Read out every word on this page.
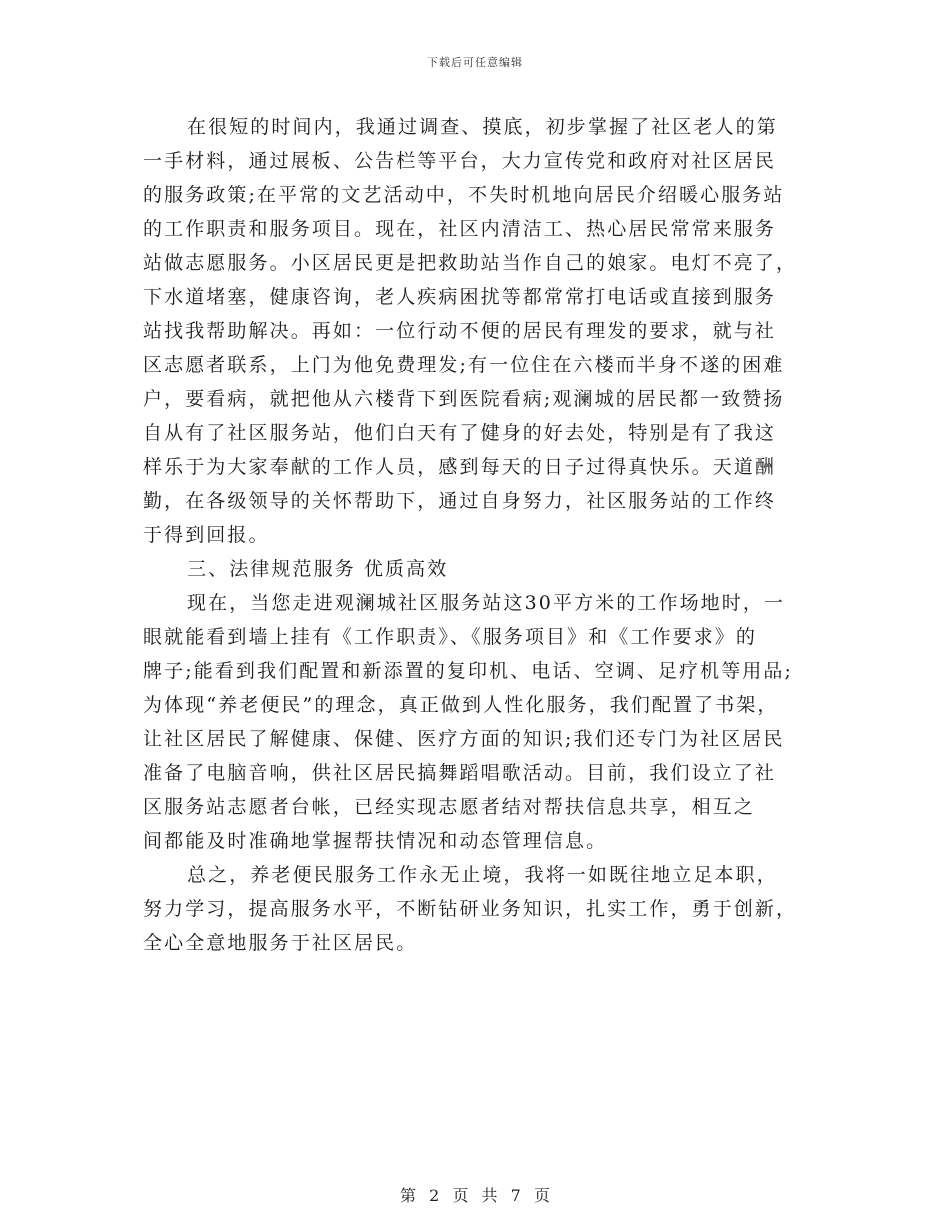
下载后可任意编辑
在很短的时间内，我通过调查、摸底，初步掌握了社区老人的第
一手材料，通过展板、公告栏等平台，大力宣传党和政府对社区居民
的服务政策;在平常的文艺活动中，不失时机地向居民介绍暖心服务站
的工作职责和服务项目。现在，社区内清洁工、热心居民常常来服务
站做志愿服务。小区居民更是把救助站当作自己的娘家。电灯不亮了，
下水道堵塞，健康咨询，老人疾病困扰等都常常打电话或直接到服务
站找我帮助解决。再如：一位行动不便的居民有理发的要求，就与社
区志愿者联系，上门为他免费理发;有一位住在六楼而半身不遂的困难
户，要看病，就把他从六楼背下到医院看病;观澜城的居民都一致赞扬
自从有了社区服务站，他们白天有了健身的好去处，特别是有了我这
样乐于为大家奉献的工作人员，感到每天的日子过得真快乐。天道酬
勤，在各级领导的关怀帮助下，通过自身努力，社区服务站的工作终
于得到回报。
三、法律规范服务 优质高效
现在，当您走进观澜城社区服务站这30平方米的工作场地时，一
眼就能看到墙上挂有《工作职责》、《服务项目》和《工作要求》的
牌子;能看到我们配置和新添置的复印机、电话、空调、足疗机等用品;
为体现“养老便民”的理念，真正做到人性化服务，我们配置了书架，
让社区居民了解健康、保健、医疗方面的知识;我们还专门为社区居民
准备了电脑音响，供社区居民搞舞蹈唱歌活动。目前，我们设立了社
区服务站志愿者台帐，已经实现志愿者结对帮扶信息共享，相互之
间都能及时准确地掌握帮扶情况和动态管理信息。
总之，养老便民服务工作永无止境，我将一如既往地立足本职，
努力学习，提高服务水平，不断钻研业务知识，扎实工作，勇于创新，
全心全意地服务于社区居民。
第 2 页 共 7 页
